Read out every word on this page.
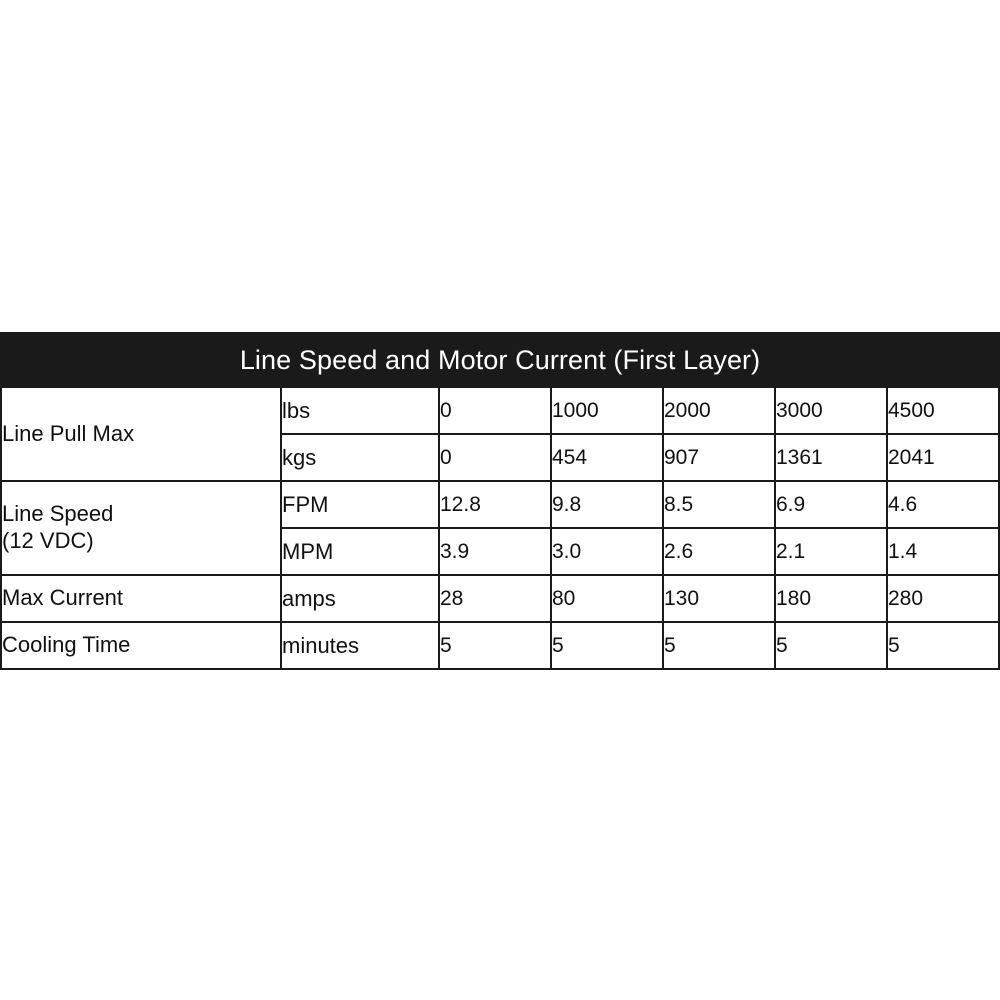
Line Speed and Motor Current (First Layer)						
Line Pull Max	lbs	0	1000	2000	3000	4500
	kgs	0	454	907	1361	2041

Line Speed
(12 VDC)	FPM	12.8	9.8	8.5	6.9	4.6
	MPM	3.9	3.0	2.6	2.1	1.4
Max Current	amps	28	80	130	180	280
Cooling Time	minutes	5	5	5	5	5
